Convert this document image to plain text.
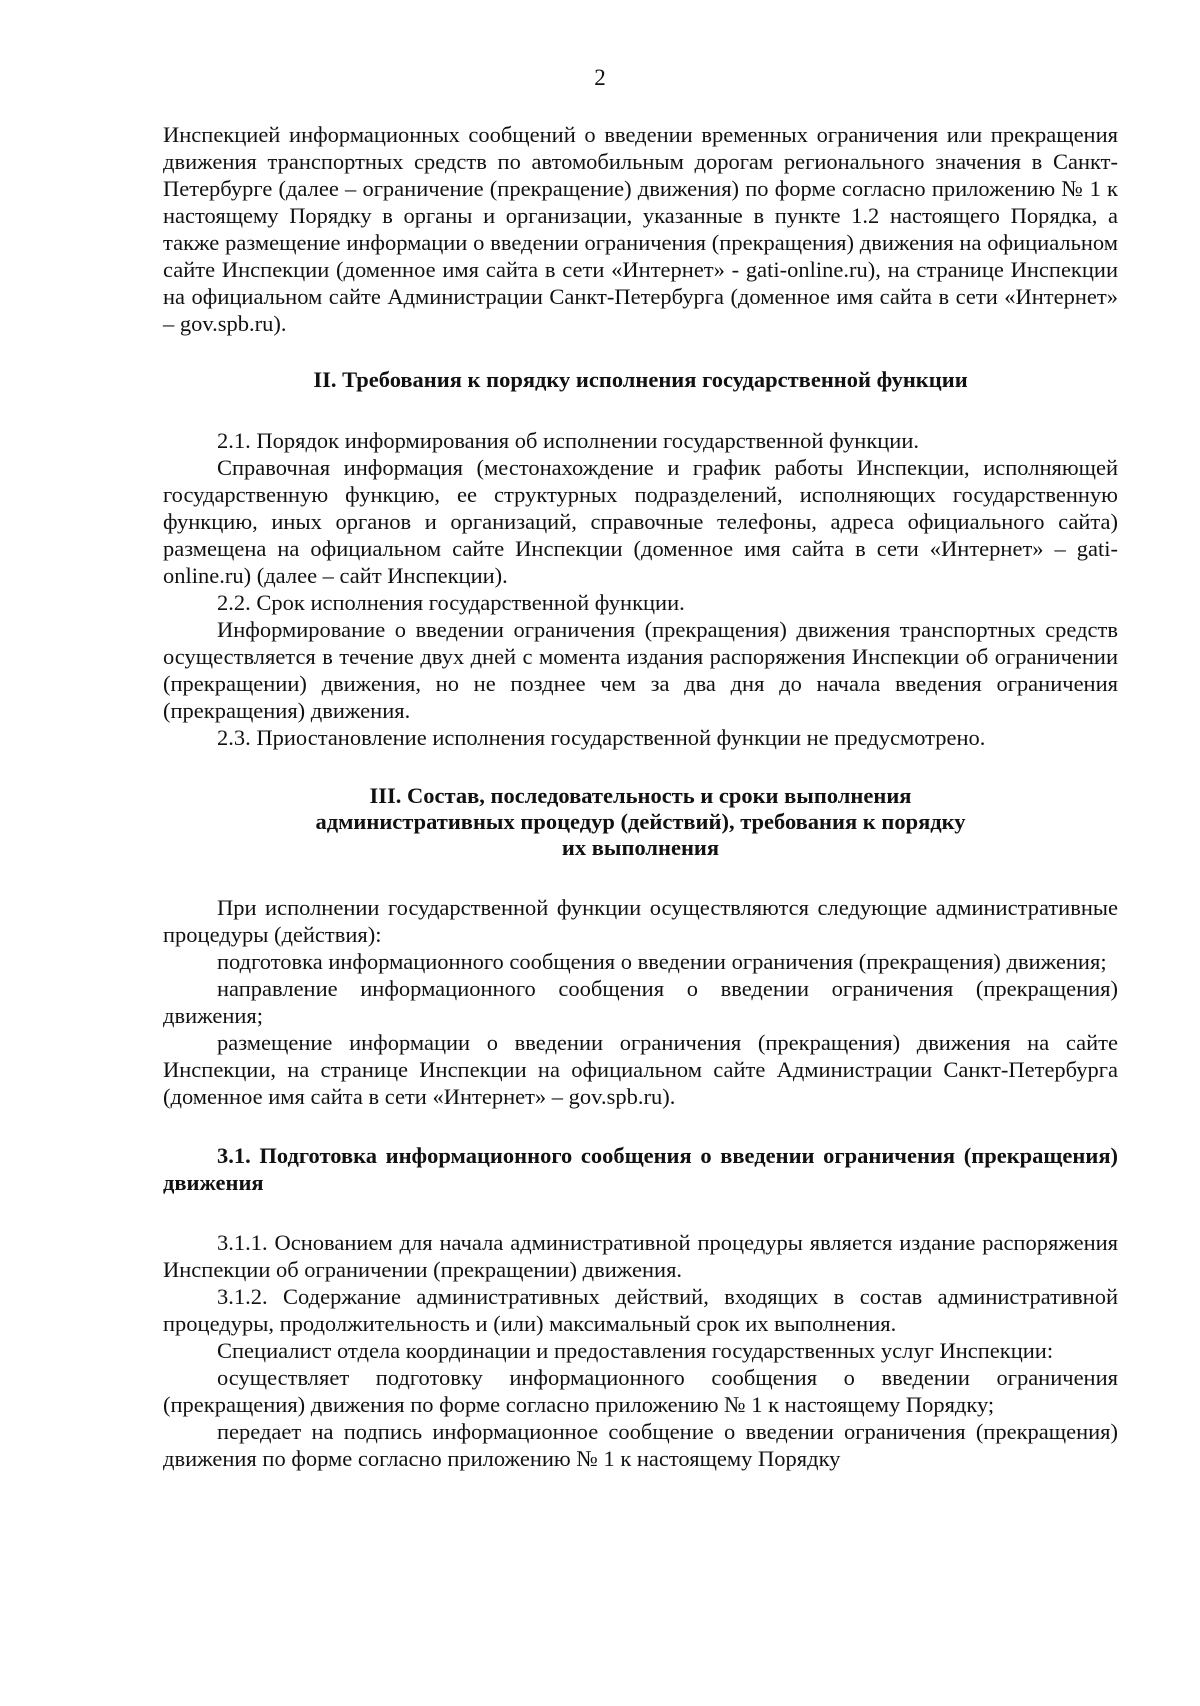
2

Инспекцией информационных сообщений о введении временных ограничения или прекращения движения транспортных средств по автомобильным дорогам регионального значения в Санкт-Петербурге (далее – ограничение (прекращение) движения) по форме согласно приложению № 1 к настоящему Порядку в органы и организации, указанные в пункте 1.2 настоящего Порядка, а также размещение информации о введении ограничения (прекращения) движения на официальном сайте Инспекции (доменное имя сайта в сети «Интернет» - gati-online.ru), на странице Инспекции на официальном сайте Администрации Санкт-Петербурга (доменное имя сайта в сети «Интернет» – gov.spb.ru).

II. Требования к порядку исполнения государственной функции

2.1. Порядок информирования об исполнении государственной функции.

Справочная информация (местонахождение и график работы Инспекции, исполняющей государственную функцию, ее структурных подразделений, исполняющих государственную функцию, иных органов и организаций, справочные телефоны, адреса официального сайта) размещена на официальном сайте Инспекции (доменное имя сайта в сети «Интернет» – gati-online.ru) (далее – сайт Инспекции).

2.2. Срок исполнения государственной функции.

Информирование о введении ограничения (прекращения) движения транспортных средств осуществляется в течение двух дней с момента издания распоряжения Инспекции об ограничении (прекращении) движения, но не позднее чем за два дня до начала введения ограничения (прекращения) движения.

2.3. Приостановление исполнения государственной функции не предусмотрено.

III. Состав, последовательность и сроки выполнения
административных процедур (действий), требования к порядку
их выполнения

При исполнении государственной функции осуществляются следующие административные процедуры (действия):

подготовка информационного сообщения о введении ограничения (прекращения) движения;

направление информационного сообщения о введении ограничения (прекращения) движения;

размещение информации о введении ограничения (прекращения) движения на сайте Инспекции, на странице Инспекции на официальном сайте Администрации Санкт-Петербурга (доменное имя сайта в сети «Интернет» – gov.spb.ru).

3.1. Подготовка информационного сообщения о введении ограничения (прекращения) движения

3.1.1. Основанием для начала административной процедуры является издание распоряжения Инспекции об ограничении (прекращении) движения.

3.1.2. Содержание административных действий, входящих в состав административной процедуры, продолжительность и (или) максимальный срок их выполнения.

Специалист отдела координации и предоставления государственных услуг Инспекции:

осуществляет подготовку информационного сообщения о введении ограничения (прекращения) движения по форме согласно приложению № 1 к настоящему Порядку;

передает на подпись информационное сообщение о введении ограничения (прекращения) движения по форме согласно приложению № 1 к настоящему Порядку
